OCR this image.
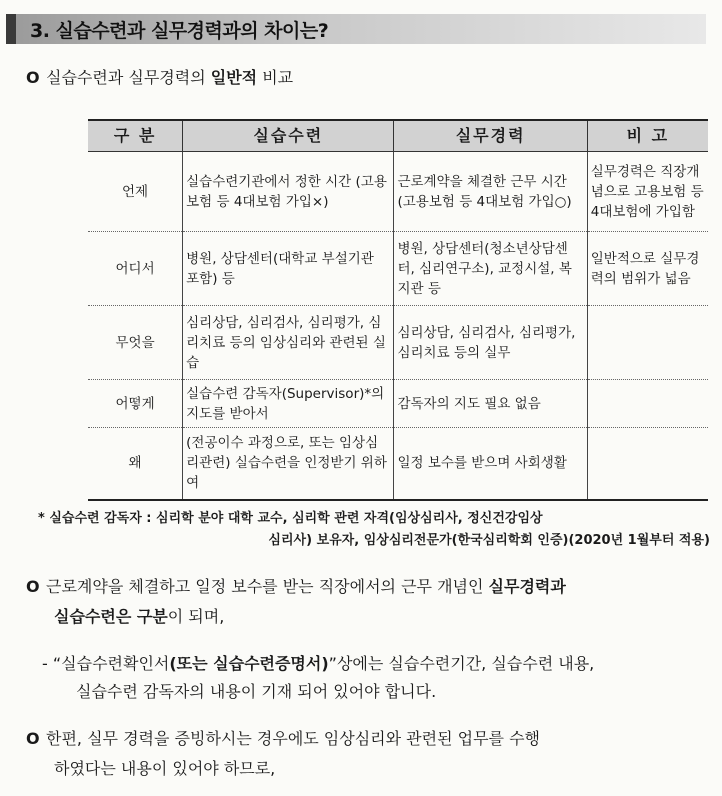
3. 실습수련과 실무경력과의 차이는?
O 실습수련과 실무경력의 일반적 비교
구 분	실습수련	실무경력	비 고
언제	실습수련기관에서 정한 시간 (고용보험 등 4대보험 가입×)	근로계약을 체결한 근무 시간 (고용보험 등 4대보험 가입○)	실무경력은 직장개념으로 고용보험 등 4대보험에 가입함
어디서	병원, 상담센터(대학교 부설기관 포함) 등	병원, 상담센터(청소년상담센터, 심리연구소), 교정시설, 복지관 등	일반적으로 실무경력의 범위가 넓음
무엇을	심리상담, 심리검사, 심리평가, 심리치료 등의 임상심리와 관련된 실습	심리상담, 심리검사, 심리평가, 심리치료 등의 실무	
어떻게	실습수련 감독자(Supervisor)*의 지도를 받아서	감독자의 지도 필요 없음	
왜	(전공이수 과정으로, 또는 임상심리관련) 실습수련을 인정받기 위하여	일정 보수를 받으며 사회생활	
* 실습수련 감독자 : 심리학 분야 대학 교수, 심리학 관련 자격(임상심리사, 정신건강임상
심리사) 보유자, 임상심리전문가(한국심리학회 인증)(2020년 1월부터 적용)
O 근로계약을 체결하고 일정 보수를 받는 직장에서의 근무 개념인 실무경력과
실습수련은 구분이 되며,
- “실습수련확인서(또는 실습수련증명서)”상에는 실습수련기간, 실습수련 내용,
실습수련 감독자의 내용이 기재 되어 있어야 합니다.
O 한편, 실무 경력을 증빙하시는 경우에도 임상심리와 관련된 업무를 수행
하였다는 내용이 있어야 하므로,
